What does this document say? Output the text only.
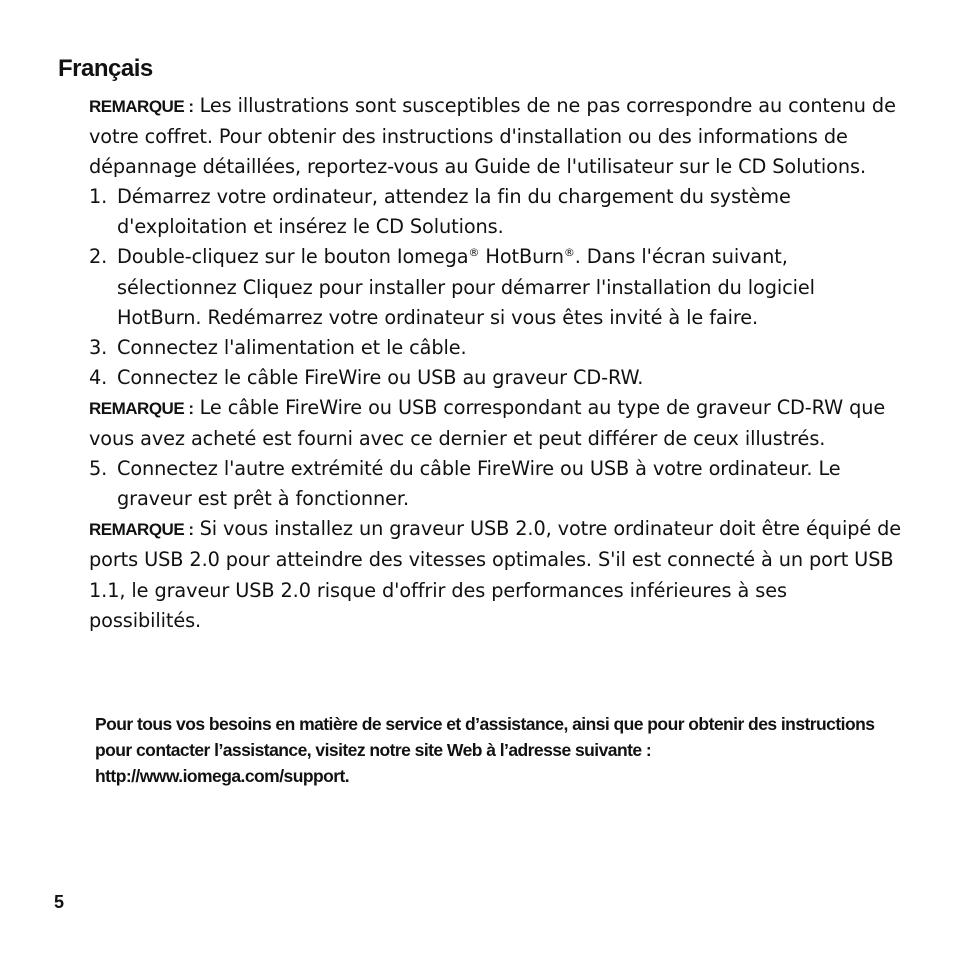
Français

REMARQUE : Les illustrations sont susceptibles de ne pas correspondre au contenu de votre coffret. Pour obtenir des instructions d'installation ou des informations de dépannage détaillées, reportez-vous au Guide de l'utilisateur sur le CD Solutions.

1. Démarrez votre ordinateur, attendez la fin du chargement du système d'exploitation et insérez le CD Solutions.
2. Double-cliquez sur le bouton Iomega® HotBurn®. Dans l'écran suivant, sélectionnez Cliquez pour installer pour démarrer l'installation du logiciel HotBurn. Redémarrez votre ordinateur si vous êtes invité à le faire.
3. Connectez l'alimentation et le câble.
4. Connectez le câble FireWire ou USB au graveur CD-RW.

REMARQUE : Le câble FireWire ou USB correspondant au type de graveur CD-RW que vous avez acheté est fourni avec ce dernier et peut différer de ceux illustrés.

5. Connectez l'autre extrémité du câble FireWire ou USB à votre ordinateur. Le graveur est prêt à fonctionner.

REMARQUE : Si vous installez un graveur USB 2.0, votre ordinateur doit être équipé de ports USB 2.0 pour atteindre des vitesses optimales. S'il est connecté à un port USB 1.1, le graveur USB 2.0 risque d'offrir des performances inférieures à ses possibilités.

Pour tous vos besoins en matière de service et d’assistance, ainsi que pour obtenir des instructions pour contacter l’assistance, visitez notre site Web à l’adresse suivante : http://www.iomega.com/support.

5
